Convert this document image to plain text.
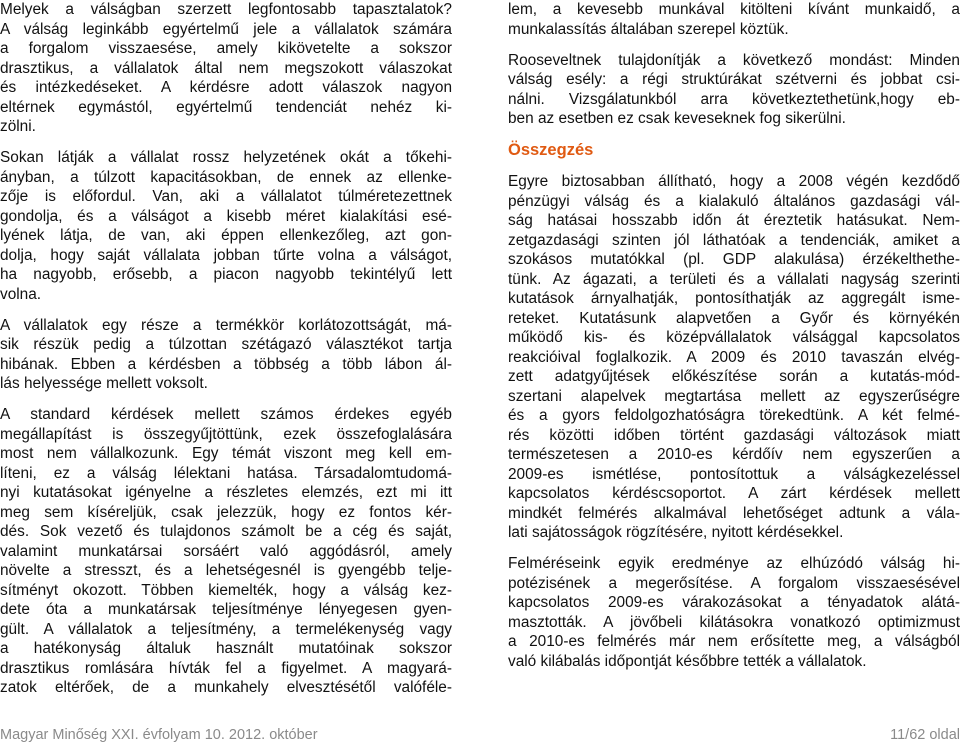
Melyek a válságban szerzett legfontosabb tapasztalatok?
A válság leginkább egyértelmű jele a vállalatok számára
a forgalom visszaesése, amely kikövetelte a sokszor
drasztikus, a vállalatok által nem megszokott válaszokat
és intézkedéseket. A kérdésre adott válaszok nagyon
eltérnek egymástól, egyértelmű tendenciát nehéz ki-
zölni.
Sokan látják a vállalat rossz helyzetének okát a tőkehi-
ányban, a túlzott kapacitásokban, de ennek az ellenke-
zője is előfordul. Van, aki a vállalatot túlméretezettnek
gondolja, és a válságot a kisebb méret kialakítási esé-
lyének látja, de van, aki éppen ellenkezőleg, azt gon-
dolja, hogy saját vállalata jobban tűrte volna a válságot,
ha nagyobb, erősebb, a piacon nagyobb tekintélyű lett
volna.
A vállalatok egy része a termékkör korlátozottságát, má-
sik részük pedig a túlzottan szétágazó választékot tartja
hibának. Ebben a kérdésben a többség a több lábon ál-
lás helyessége mellett voksolt.
A standard kérdések mellett számos érdekes egyéb
megállapítást is összegyűjtöttünk, ezek összefoglalására
most nem vállalkozunk. Egy témát viszont meg kell em-
líteni, ez a válság lélektani hatása. Társadalomtudomá-
nyi kutatásokat igényelne a részletes elemzés, ezt mi itt
meg sem kíséreljük, csak jelezzük, hogy ez fontos kér-
dés. Sok vezető és tulajdonos számolt be a cég és saját,
valamint munkatársai sorsáért való aggódásról, amely
növelte a stresszt, és a lehetségesnél is gyengébb telje-
sítményt okozott. Többen kiemelték, hogy a válság kez-
dete óta a munkatársak teljesítménye lényegesen gyen-
gült. A vállalatok a teljesítmény, a termelékenység vagy
a hatékonyság általuk használt mutatóinak sokszor
drasztikus romlására hívták fel a figyelmet. A magyará-
zatok eltérőek, de a munkahely elvesztésétől valóféle-
lem, a kevesebb munkával kitölteni kívánt munkaidő, a
munkalassítás általában szerepel köztük.
Rooseveltnek tulajdonítják a következő mondást: Minden
válság esély: a régi struktúrákat szétverni és jobbat csi-
nálni. Vizsgálatunkból arra következtethetünk,hogy eb-
ben az esetben ez csak keveseknek fog sikerülni.
Összegzés
Egyre biztosabban állítható, hogy a 2008 végén kezdődő
pénzügyi válság és a kialakuló általános gazdasági vál-
ság hatásai hosszabb időn át éreztetik hatásukat. Nem-
zetgazdasági szinten jól láthatóak a tendenciák, amiket a
szokásos mutatókkal (pl. GDP alakulása) érzékelthethe-
tünk. Az ágazati, a területi és a vállalati nagyság szerinti
kutatások árnyalhatják, pontosíthatják az aggregált isme-
reteket. Kutatásunk alapvetően a Győr és környékén
működő kis- és középvállalatok válsággal kapcsolatos
reakcióival foglalkozik. A 2009 és 2010 tavaszán elvég-
zett adatgyűjtések előkészítése során a kutatás-mód-
szertani alapelvek megtartása mellett az egyszerűségre
és a gyors feldolgozhatóságra törekedtünk. A két felmé-
rés közötti időben történt gazdasági változások miatt
természetesen a 2010-es kérdőív nem egyszerűen a
2009-es ismétlése, pontosítottuk a válságkezeléssel
kapcsolatos kérdéscsoportot. A zárt kérdések mellett
mindkét felmérés alkalmával lehetőséget adtunk a vála-
lati sajátosságok rögzítésére, nyitott kérdésekkel.
Felméréseink egyik eredménye az elhúzódó válság hi-
potézisének a megerősítése. A forgalom visszaesésével
kapcsolatos 2009-es várakozásokat a tényadatok alátá-
masztották. A jövőbeli kilátásokra vonatkozó optimizmust
a 2010-es felmérés már nem erősítette meg, a válságból
való kilábalás időpontját későbbre tették a vállalatok.
Magyar Minőség XXI. évfolyam 10. 2012. október	11/62 oldal
